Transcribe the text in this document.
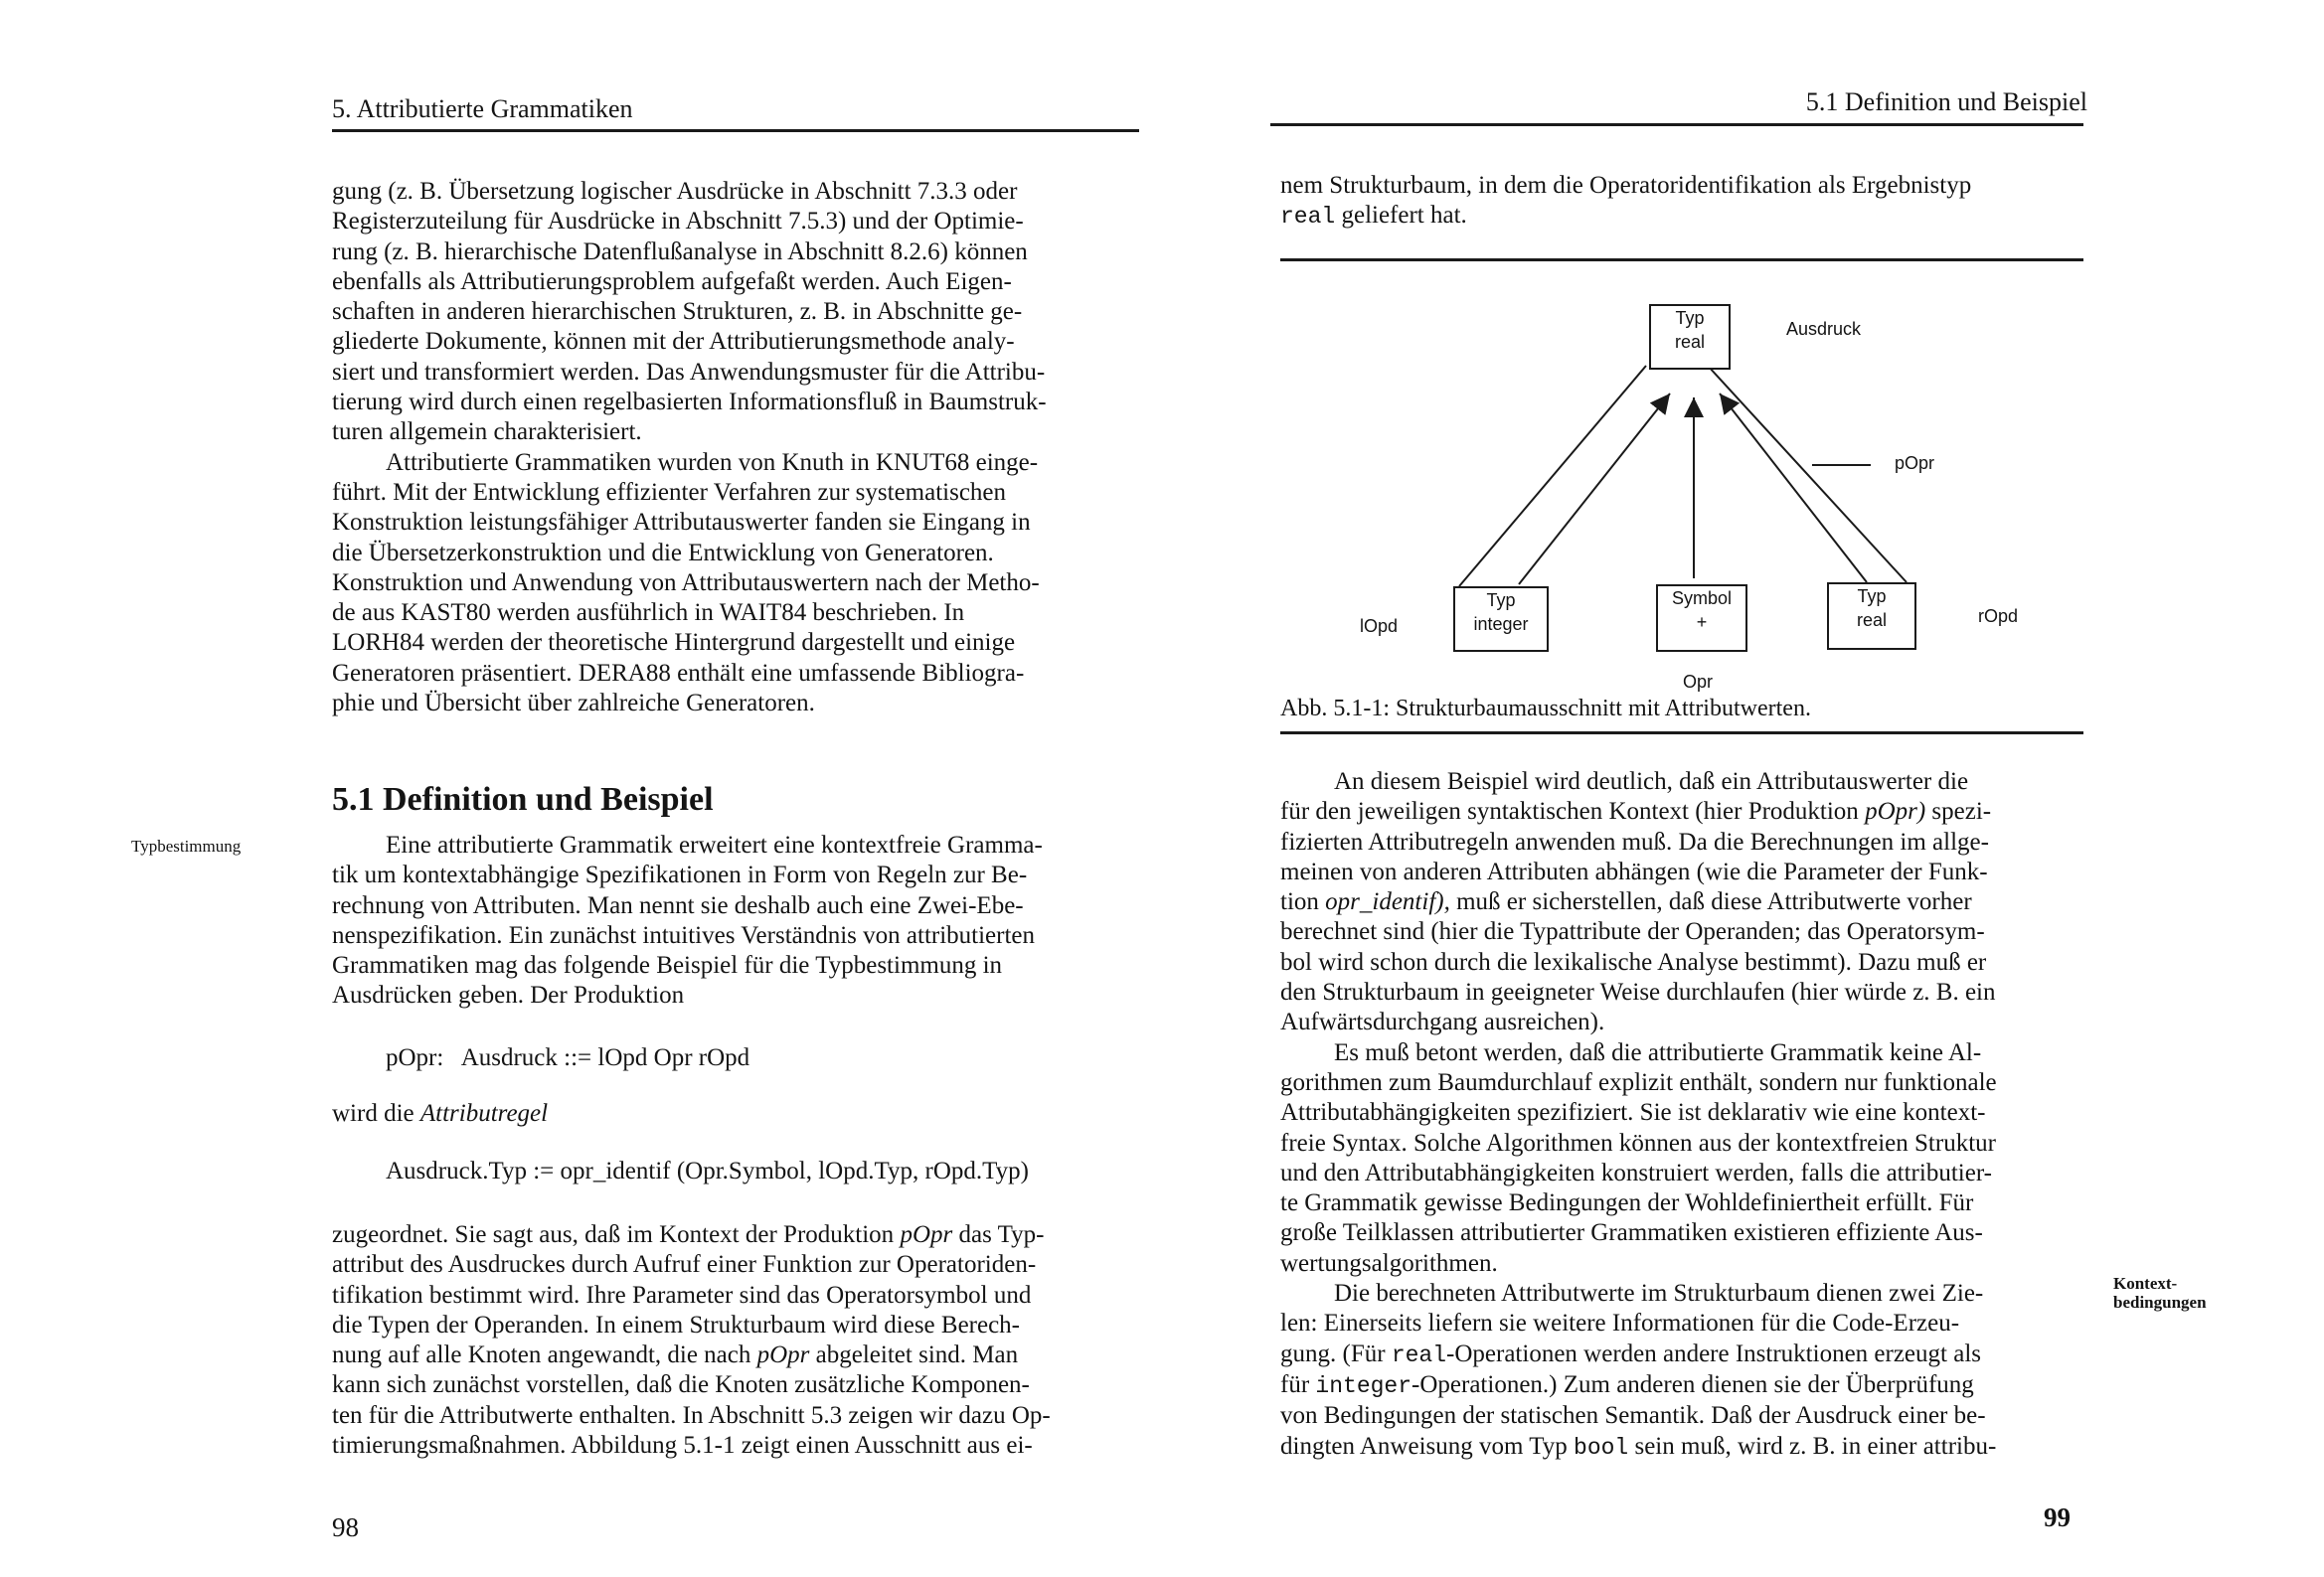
5. Attributierte Grammatiken

gung (z. B. Übersetzung logischer Ausdrücke in Abschnitt 7.3.3 oder

Registerzuteilung für Ausdrücke in Abschnitt 7.5.3) und der Optimie-

rung (z. B. hierarchische Datenflußanalyse in Abschnitt 8.2.6) können

ebenfalls als Attributierungsproblem aufgefaßt werden. Auch Eigen-

schaften in anderen hierarchischen Strukturen, z. B. in Abschnitte ge-

gliederte Dokumente, können mit der Attributierungsmethode analy-

siert und transformiert werden. Das Anwendungsmuster für die Attribu-

tierung wird durch einen regelbasierten Informationsfluß in Baumstruk-

turen allgemein charakterisiert.

Attributierte Grammatiken wurden von Knuth in KNUT68 einge-

führt. Mit der Entwicklung effizienter Verfahren zur systematischen

Konstruktion leistungsfähiger Attributauswerter fanden sie Eingang in

die Übersetzerkonstruktion und die Entwicklung von Generatoren.

Konstruktion und Anwendung von Attributauswertern nach der Metho-

de aus KAST80 werden ausführlich in WAIT84 beschrieben. In

LORH84 werden der theoretische Hintergrund dargestellt und einige

Generatoren präsentiert. DERA88 enthält eine umfassende Bibliogra-

phie und Übersicht über zahlreiche Generatoren.

5.1 Definition und Beispiel
Typbestimmung	Eine attributierte Grammatik erweitert eine kontextfreie Gramma-

tik um kontextabhängige Spezifikationen in Form von Regeln zur Be-

rechnung von Attributen. Man nennt sie deshalb auch eine Zwei-Ebe-

nenspezifikation. Ein zunächst intuitives Verständnis von attributierten

Grammatiken mag das folgende Beispiel für die Typbestimmung in

Ausdrücken geben. Der Produktion

pOpr:   Ausdruck ::= lOpd Opr rOpd
wird die Attributregel
Ausdruck.Typ := opr_identif (Opr.Symbol, lOpd.Typ, rOpd.Typ)

zugeordnet. Sie sagt aus, daß im Kontext der Produktion pOpr das Typ-

attribut des Ausdruckes durch Aufruf einer Funktion zur Operatoriden-

tifikation bestimmt wird. Ihre Parameter sind das Operatorsymbol und

die Typen der Operanden. In einem Strukturbaum wird diese Berech-

nung auf alle Knoten angewandt, die nach pOpr abgeleitet sind. Man

kann sich zunächst vorstellen, daß die Knoten zusätzliche Komponen-

ten für die Attributwerte enthalten. In Abschnitt 5.3 zeigen wir dazu Op-

timierungsmaßnahmen. Abbildung 5.1-1 zeigt einen Ausschnitt aus ei-

98
5.1 Definition und Beispiel

nem Strukturbaum, in dem die Operatoridentifikation als Ergebnistyp

real geliefert hat.

Typ
real
Ausdruck
pOpr
Typ
integer
lOpd
Symbol
+
Opr
Typ
real	rOpd
Abb. 5.1-1: Strukturbaumausschnitt mit Attributwerten.

An diesem Beispiel wird deutlich, daß ein Attributauswerter die

für den jeweiligen syntaktischen Kontext (hier Produktion pOpr) spezi-

fizierten Attributregeln anwenden muß. Da die Berechnungen im allge-

meinen von anderen Attributen abhängen (wie die Parameter der Funk-

tion opr_identif), muß er sicherstellen, daß diese Attributwerte vorher

berechnet sind (hier die Typattribute der Operanden; das Operatorsym-

bol wird schon durch die lexikalische Analyse bestimmt). Dazu muß er

den Strukturbaum in geeigneter Weise durchlaufen (hier würde z. B. ein

Aufwärtsdurchgang ausreichen).

Es muß betont werden, daß die attributierte Grammatik keine Al-

gorithmen zum Baumdurchlauf explizit enthält, sondern nur funktionale

Attributabhängigkeiten spezifiziert. Sie ist deklarativ wie eine kontext-

freie Syntax. Solche Algorithmen können aus der kontextfreien Struktur

und den Attributabhängigkeiten konstruiert werden, falls die attributier-

te Grammatik gewisse Bedingungen der Wohldefiniertheit erfüllt. Für

große Teilklassen attributierter Grammatiken existieren effiziente Aus-

wertungsalgorithmen.

Die berechneten Attributwerte im Strukturbaum dienen zwei Zie-

len: Einerseits liefern sie weitere Informationen für die Code-Erzeu-

gung. (Für real-Operationen werden andere Instruktionen erzeugt als

für integer-Operationen.) Zum anderen dienen sie der Überprüfung

von Bedingungen der statischen Semantik. Daß der Ausdruck einer be-

dingten Anweisung vom Typ bool sein muß, wird z. B. in einer attribu-

Kontext-
bedingungen
99
